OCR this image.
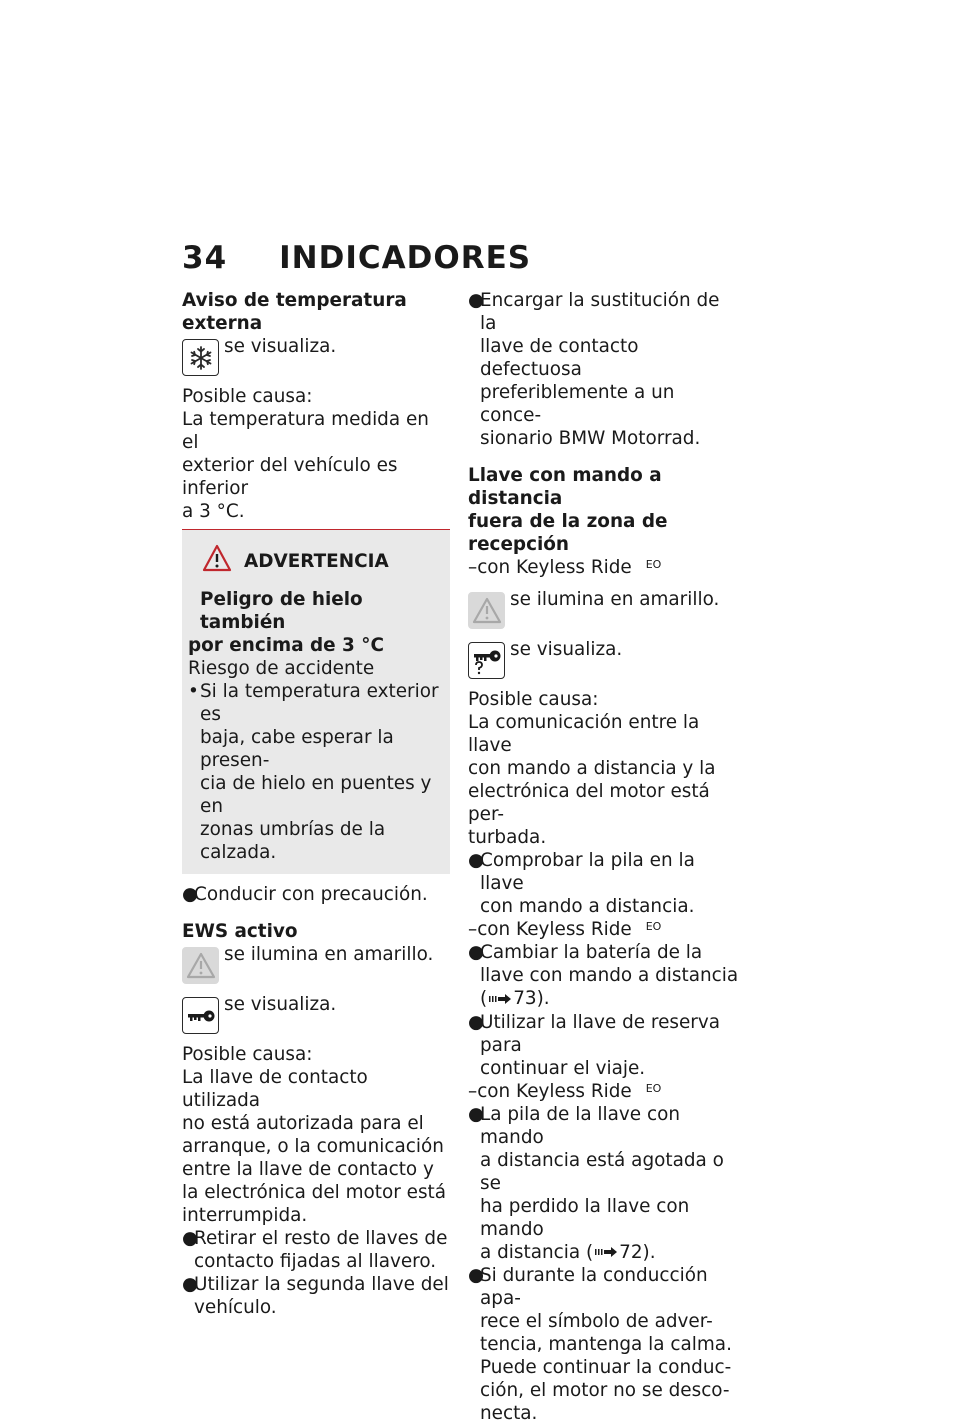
34 INDICADORES

Aviso de temperatura externa

se visualiza.

Posible causa:

La temperatura medida en el

exterior del vehículo es inferior

a 3 °C.

ADVERTENCIA
Peligro de hielo también
por encima de 3 °C

Riesgo de accidente

• Si la temperatura exterior es
baja, cabe esperar la presen-
cia de hielo en puentes y en
zonas umbrías de la calzada.
●
Conducir con precaución.

EWS activo

se ilumina en amarillo.
se visualiza.

Posible causa:

La llave de contacto utilizada

no está autorizada para el

arranque, o la comunicación

entre la llave de contacto y

la electrónica del motor está

interrumpida.

●
Retirar el resto de llaves de
contacto fijadas al llavero.
●
Utilizar la segunda llave del
vehículo.
●
Encargar la sustitución de la
llave de contacto defectuosa
preferiblemente a un conce-
sionario BMW Motorrad.

Llave con mando a distancia

fuera de la zona de recepción

–con Keyless Ride EO
se ilumina en amarillo.
se visualiza.

Posible causa:

La comunicación entre la llave

con mando a distancia y la

electrónica del motor está per-

turbada.

●
Comprobar la pila en la llave
con mando a distancia.
–con Keyless Ride EO
●
Cambiar la batería de la
llave con mando a distancia
( 73).
●
Utilizar la llave de reserva para
continuar el viaje.
–con Keyless Ride EO
●
La pila de la llave con mando
a distancia está agotada o se
ha perdido la llave con mando
a distancia ( 72).
●
Si durante la conducción apa-
rece el símbolo de adver-
tencia, mantenga la calma.
Puede continuar la conduc-
ción, el motor no se desco-
necta.
